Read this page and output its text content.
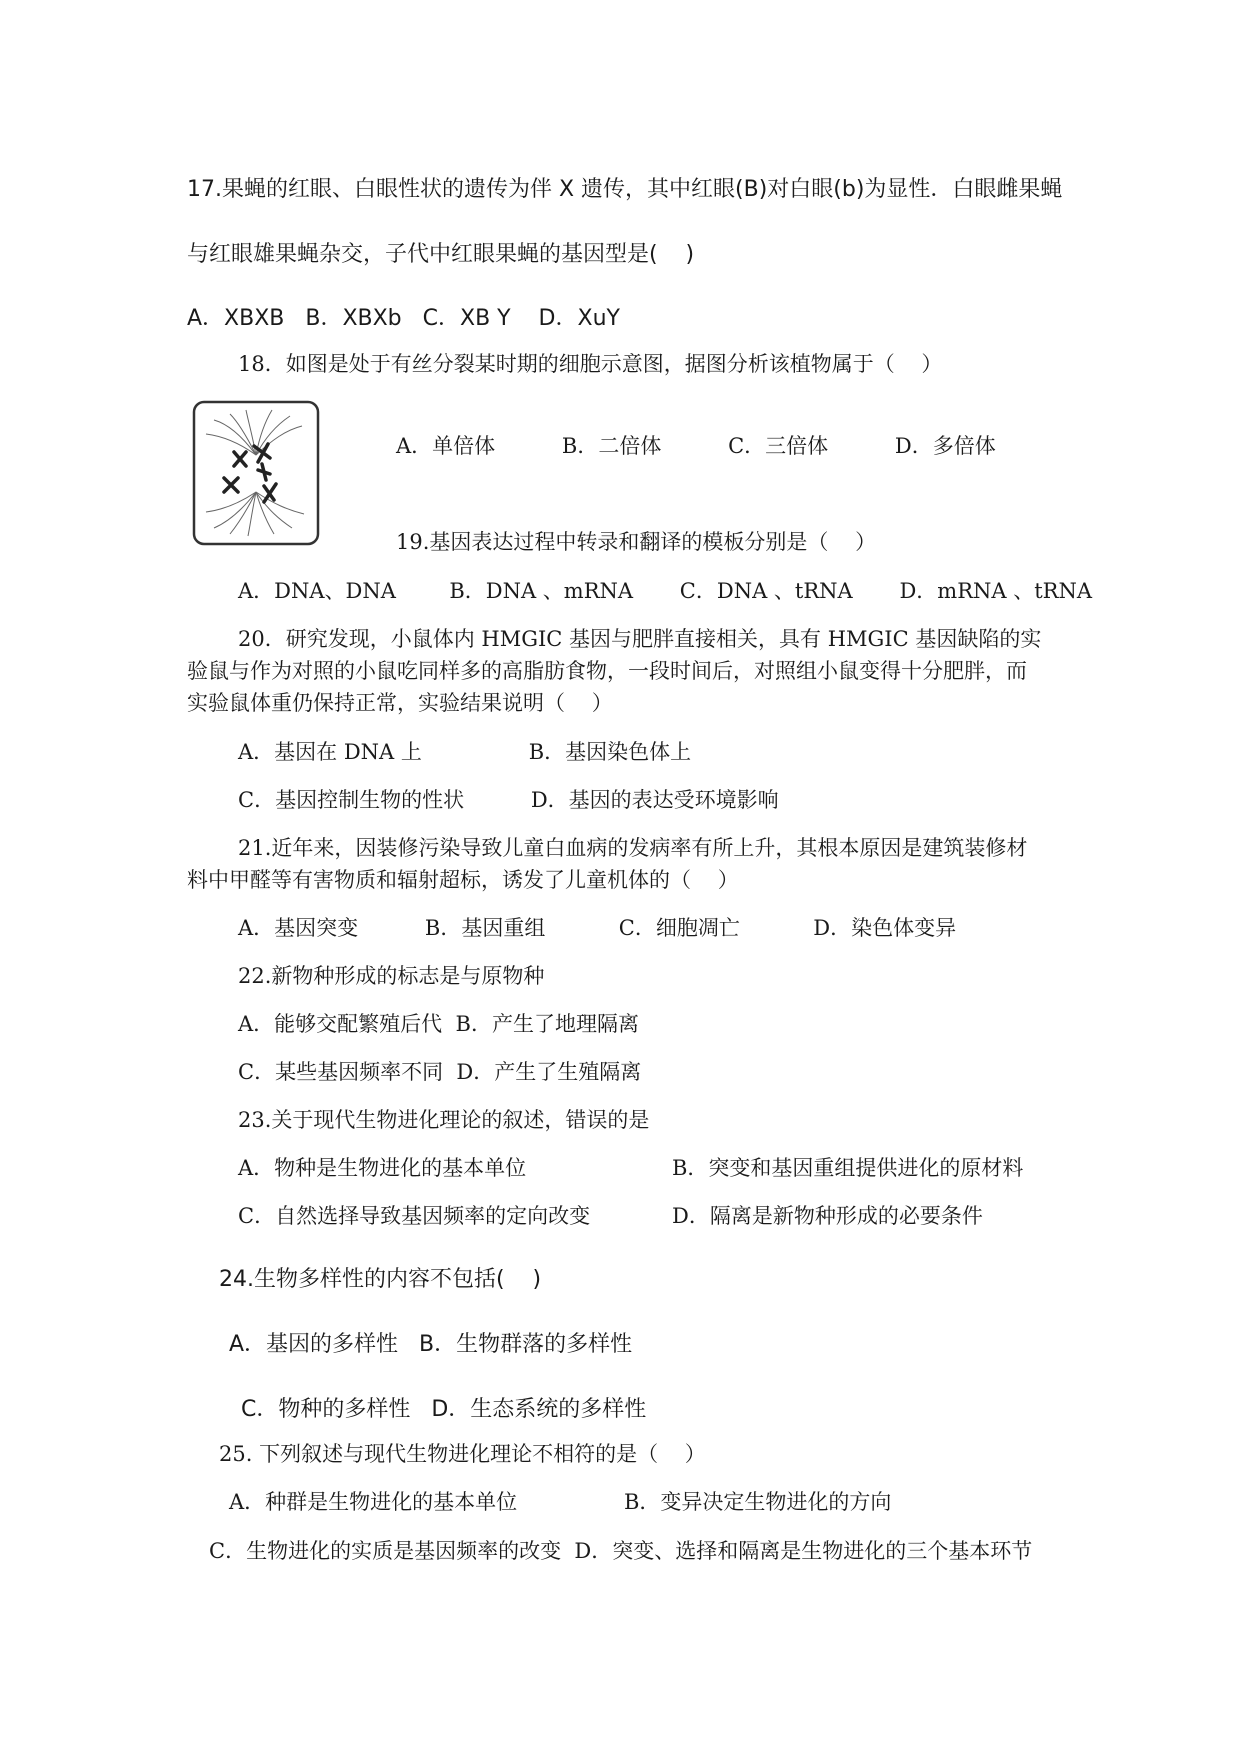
17.果蝇的红眼、白眼性状的遗传为伴 X 遗传，其中红眼(B)对白眼(b)为显性．白眼雌果蝇
与红眼雄果蝇杂交，子代中红眼果蝇的基因型是(    )
A．XBXB   B．XBXb   C．XB Y    D．XuY
18．如图是处于有丝分裂某时期的细胞示意图，据图分析该植物属于（    ）
A．单倍体          B．二倍体          C．三倍体          D．多倍体
19.基因表达过程中转录和翻译的模板分别是（    ）
A．DNA、DNA        B．DNA 、mRNA       C．DNA 、tRNA       D．mRNA 、tRNA
20．研究发现，小鼠体内 HMGIC 基因与肥胖直接相关，具有 HMGIC 基因缺陷的实
验鼠与作为对照的小鼠吃同样多的高脂肪食物，一段时间后，对照组小鼠变得十分肥胖，而
实验鼠体重仍保持正常，实验结果说明（    ）
A．基因在 DNA 上                B．基因染色体上
C．基因控制生物的性状          D．基因的表达受环境影响
21.近年来，因装修污染导致儿童白血病的发病率有所上升，其根本原因是建筑装修材
料中甲醛等有害物质和辐射超标，诱发了儿童机体的（    ）
A．基因突变          B．基因重组           C．细胞凋亡           D．染色体变异
22.新物种形成的标志是与原物种
A．能够交配繁殖后代  B．产生了地理隔离
C．某些基因频率不同  D．产生了生殖隔离
23.关于现代生物进化理论的叙述，错误的是
A．物种是生物进化的基本单位	B．突变和基因重组提供进化的原材料
C．自然选择导致基因频率的定向改变	D．隔离是新物种形成的必要条件
24.生物多样性的内容不包括(    )
A．基因的多样性   B．生物群落的多样性
C．物种的多样性   D．生态系统的多样性
25. 下列叙述与现代生物进化理论不相符的是（    ）
A．种群是生物进化的基本单位                B．变异决定生物进化的方向
C．生物进化的实质是基因频率的改变  D．突变、选择和隔离是生物进化的三个基本环节
